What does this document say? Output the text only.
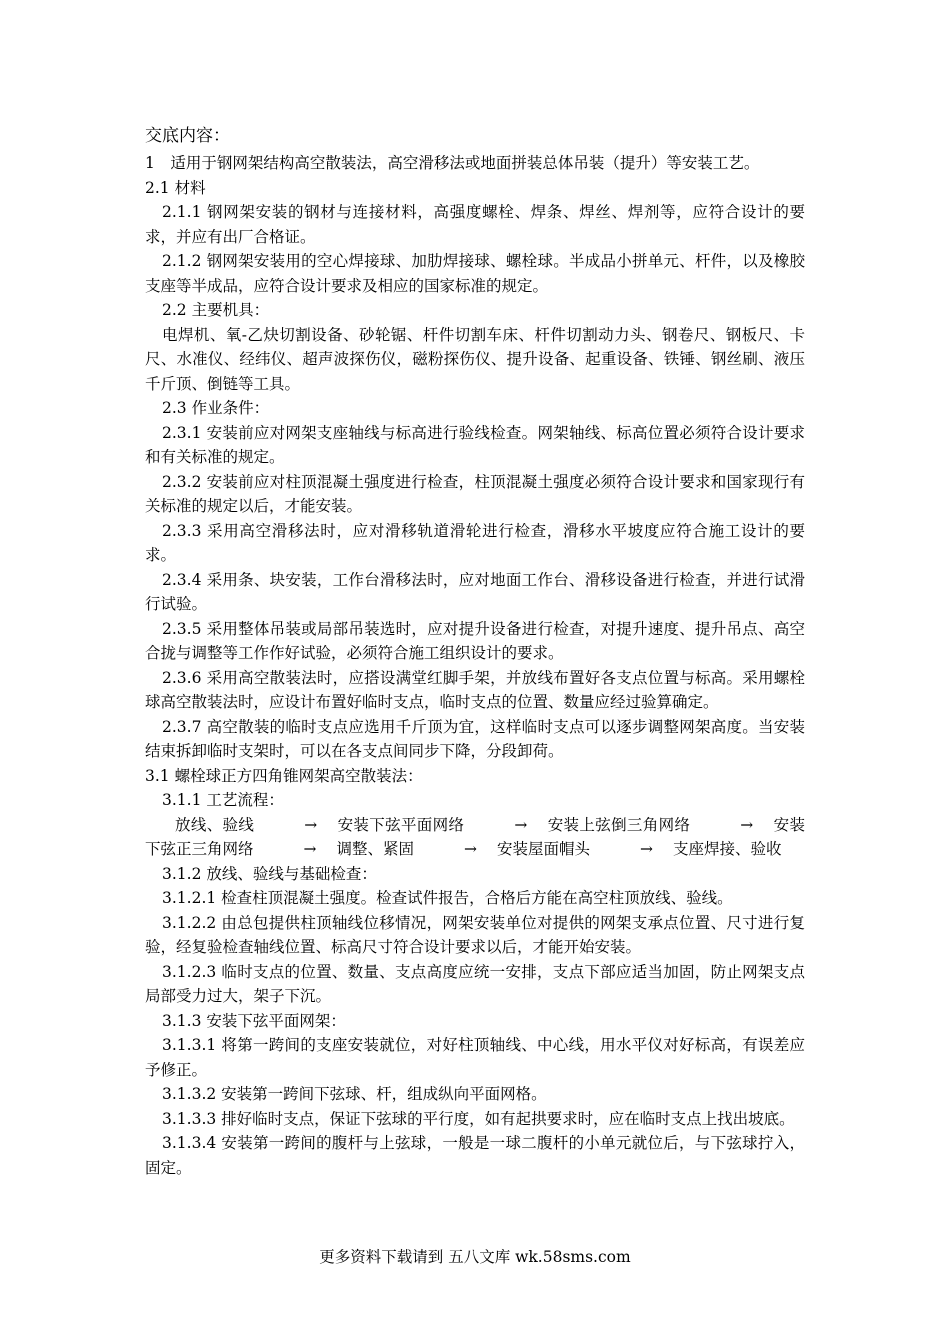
交底内容：

1　适用于钢网架结构高空散装法，高空滑移法或地面拼装总体吊装（提升）等安装工艺。

2.1 材料

2.1.1 钢网架安装的钢材与连接材料，高强度螺栓、焊条、焊丝、焊剂等，应符合设计的要求，并应有出厂合格证。

2.1.2 钢网架安装用的空心焊接球、加肋焊接球、螺栓球。半成品小拼单元、杆件，以及橡胶支座等半成品，应符合设计要求及相应的国家标准的规定。

2.2 主要机具：

电焊机、氧-乙炔切割设备、砂轮锯、杆件切割车床、杆件切割动力头、钢卷尺、钢板尺、卡尺、水准仪、经纬仪、超声波探伤仪，磁粉探伤仪、提升设备、起重设备、铁锤、钢丝刷、液压千斤顶、倒链等工具。

2.3 作业条件：

2.3.1 安装前应对网架支座轴线与标高进行验线检查。网架轴线、标高位置必须符合设计要求和有关标准的规定。

2.3.2 安装前应对柱顶混凝土强度进行检查，柱顶混凝土强度必须符合设计要求和国家现行有关标准的规定以后，才能安装。

2.3.3 采用高空滑移法时，应对滑移轨道滑轮进行检查，滑移水平坡度应符合施工设计的要求。

2.3.4 采用条、块安装，工作台滑移法时，应对地面工作台、滑移设备进行检查，并进行试滑行试验。

2.3.5 采用整体吊装或局部吊装选时，应对提升设备进行检查，对提升速度、提升吊点、高空合拢与调整等工作作好试验，必须符合施工组织设计的要求。

2.3.6 采用高空散装法时，应搭设满堂红脚手架，并放线布置好各支点位置与标高。采用螺栓球高空散装法时，应设计布置好临时支点，临时支点的位置、数量应经过验算确定。

2.3.7 高空散装的临时支点应选用千斤顶为宜，这样临时支点可以逐步调整网架高度。当安装结束拆卸临时支架时，可以在各支点间同步下降，分段卸荷。

3.1 螺栓球正方四角锥网架高空散装法：

3.1.1 工艺流程：

放线、验线	→ 安装下弦平面网络	→ 安装上弦倒三角网络	→ 安装下弦正三角网络	→ 调整、紧固	→ 安装屋面帽头	→ 支座焊接、验收

3.1.2 放线、验线与基础检查：

3.1.2.1 检查柱顶混凝土强度。检查试件报告，合格后方能在高空柱顶放线、验线。

3.1.2.2 由总包提供柱顶轴线位移情况，网架安装单位对提供的网架支承点位置、尺寸进行复验，经复验检查轴线位置、标高尺寸符合设计要求以后，才能开始安装。

3.1.2.3 临时支点的位置、数量、支点高度应统一安排，支点下部应适当加固，防止网架支点局部受力过大，架子下沉。

3.1.3 安装下弦平面网架：

3.1.3.1 将第一跨间的支座安装就位，对好柱顶轴线、中心线，用水平仪对好标高，有误差应予修正。

3.1.3.2 安装第一跨间下弦球、杆，组成纵向平面网格。

3.1.3.3 排好临时支点，保证下弦球的平行度，如有起拱要求时，应在临时支点上找出坡底。

3.1.3.4 安装第一跨间的腹杆与上弦球，一般是一球二腹杆的小单元就位后，与下弦球拧入，固定。

更多资料下载请到 五八文库 wk.58sms.com
